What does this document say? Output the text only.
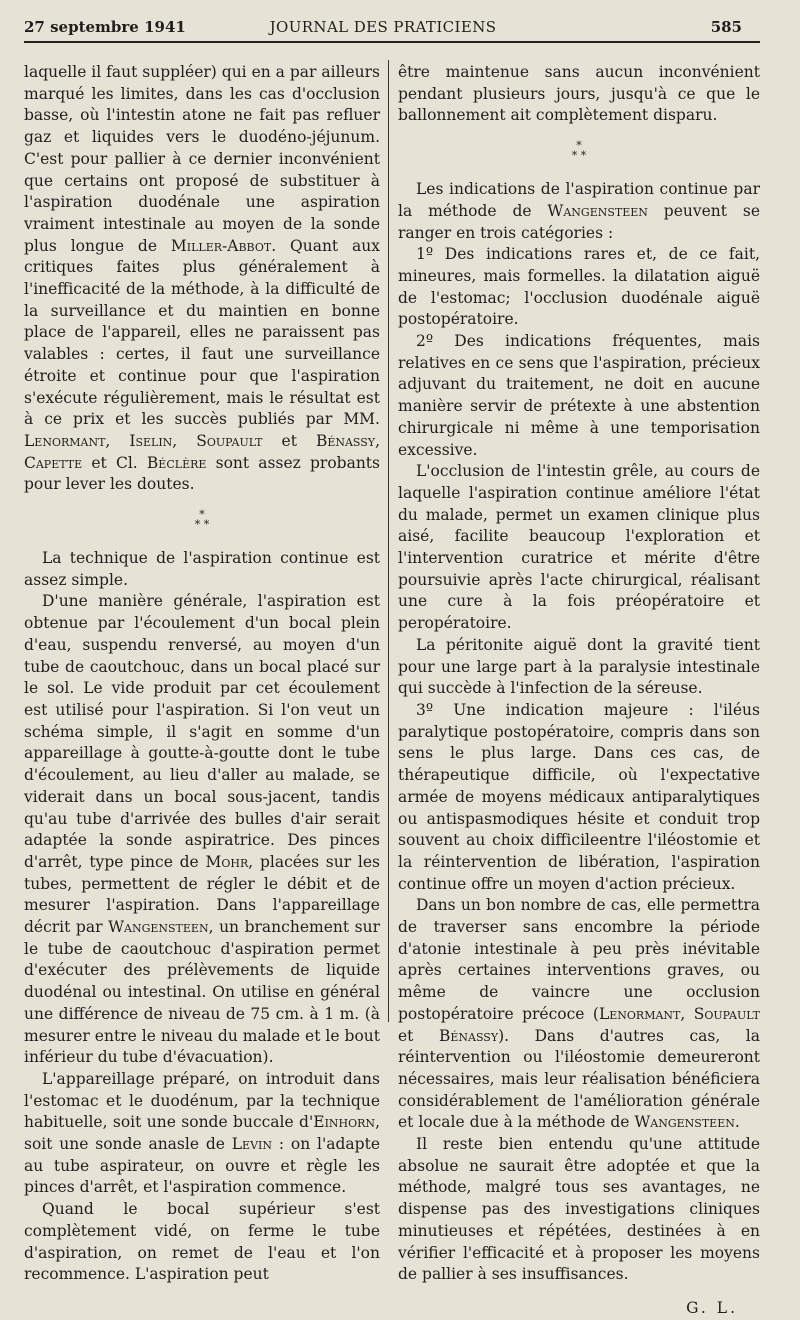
27 septembre 1941	JOURNAL DES PRATICIENS	585

laquelle il faut suppléer) qui en a par ailleurs marqué les limites, dans les cas d'occlusion basse, où l'intestin atone ne fait pas refluer gaz et liquides vers le duodéno-jéjunum. C'est pour pallier à ce dernier inconvénient que certains ont proposé de substituer à l'aspiration duodénale une aspiration vraiment intestinale au moyen de la sonde plus longue de Miller-Abbot. Quant aux critiques faites plus généralement à l'inefficacité de la méthode, à la difficulté de la surveillance et du maintien en bonne place de l'appareil, elles ne paraissent pas valables : certes, il faut une surveillance étroite et continue pour que l'aspiration s'exécute régulièrement, mais le résultat est à ce prix et les succès publiés par MM. Lenormant, Iselin, Soupault et Bénassy, Capette et Cl. Béclère sont assez probants pour lever les doutes.

*
* *

La technique de l'aspiration continue est assez simple.

D'une manière générale, l'aspiration est obtenue par l'écoulement d'un bocal plein d'eau, suspendu renversé, au moyen d'un tube de caoutchouc, dans un bocal placé sur le sol. Le vide produit par cet écoulement est utilisé pour l'aspiration. Si l'on veut un schéma simple, il s'agit en somme d'un appareillage à goutte-à-goutte dont le tube d'écoulement, au lieu d'aller au malade, se viderait dans un bocal sous-jacent, tandis qu'au tube d'arrivée des bulles d'air serait adaptée la sonde aspiratrice. Des pinces d'arrêt, type pince de Mohr, placées sur les tubes, permettent de régler le débit et de mesurer l'aspiration. Dans l'appareillage décrit par Wangensteen, un branchement sur le tube de caoutchouc d'aspiration permet d'exécuter des prélèvements de liquide duodénal ou intestinal. On utilise en général une différence de niveau de 75 cm. à 1 m. (à mesurer entre le niveau du malade et le bout inférieur du tube d'évacuation).

L'appareillage préparé, on introduit dans l'estomac et le duodénum, par la technique habituelle, soit une sonde buccale d'Einhorn, soit une sonde anasle de Levin : on l'adapte au tube aspirateur, on ouvre et règle les pinces d'arrêt, et l'aspiration commence.

Quand le bocal supérieur s'est complètement vidé, on ferme le tube d'aspiration, on remet de l'eau et l'on recommence. L'aspiration peut

être maintenue sans aucun inconvénient pendant plusieurs jours, jusqu'à ce que le ballonnement ait complètement disparu.

*
* *

Les indications de l'aspiration continue par la méthode de Wangensteen peuvent se ranger en trois catégories :

1º Des indications rares et, de ce fait, mineures, mais formelles. la dilatation aiguë de l'estomac; l'occlusion duodénale aiguë postopératoire.

2º Des indications fréquentes, mais relatives en ce sens que l'aspiration, précieux adjuvant du traitement, ne doit en aucune manière servir de prétexte à une abstention chirurgicale ni même à une temporisation excessive.

L'occlusion de l'intestin grêle, au cours de laquelle l'aspiration continue améliore l'état du malade, permet un examen clinique plus aisé, facilite beaucoup l'exploration et l'intervention curatrice et mérite d'être poursuivie après l'acte chirurgical, réalisant une cure à la fois préopératoire et peropératoire.

La péritonite aiguë dont la gravité tient pour une large part à la paralysie intestinale qui succède à l'infection de la séreuse.

3º Une indication majeure : l'iléus paralytique postopératoire, compris dans son sens le plus large. Dans ces cas, de thérapeutique difficile, où l'expectative armée de moyens médicaux antiparalytiques ou antispasmodiques hésite et conduit trop souvent au choix difficileentre l'iléostomie et la réintervention de libération, l'aspiration continue offre un moyen d'action précieux.

Dans un bon nombre de cas, elle permettra de traverser sans encombre la période d'atonie intestinale à peu près inévitable après certaines interventions graves, ou même de vaincre une occlusion postopératoire précoce (Lenormant, Soupault et Bénassy). Dans d'autres cas, la réintervention ou l'iléostomie demeureront nécessaires, mais leur réalisation bénéficiera considérablement de l'amélioration générale et locale due à la méthode de Wangensteen.

Il reste bien entendu qu'une attitude absolue ne saurait être adoptée et que la méthode, malgré tous ses avantages, ne dispense pas des investigations cliniques minutieuses et répétées, destinées à en vérifier l'efficacité et à proposer les moyens de pallier à ses insuffisances.

G. L.
